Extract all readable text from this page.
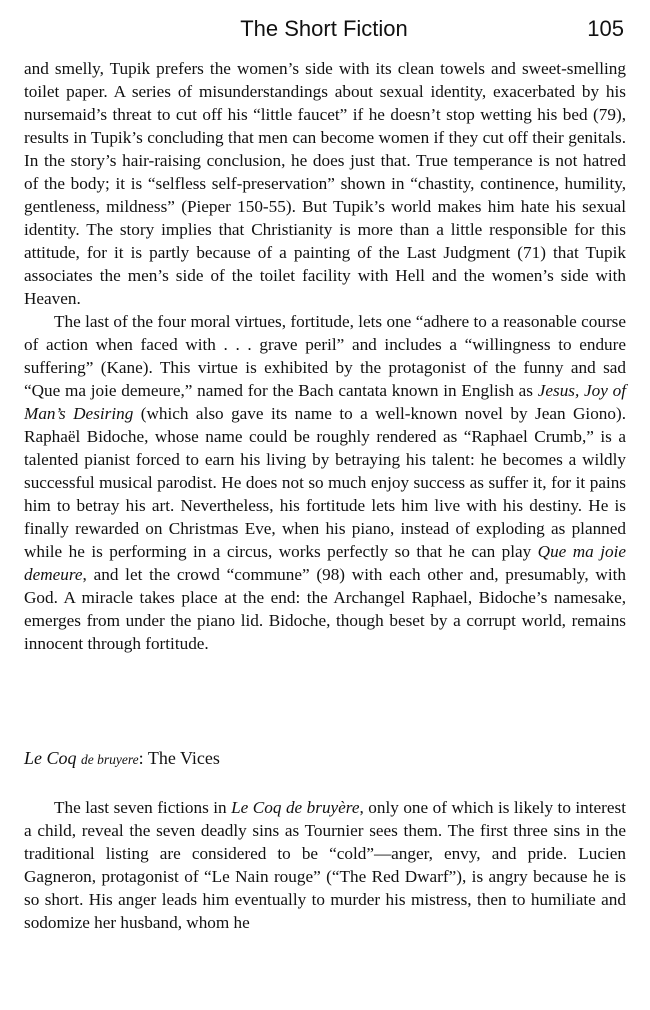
The Short Fiction	105

and smelly, Tupik prefers the women’s side with its clean towels and sweet-smelling toilet paper. A series of misunderstandings about sexual identity, exacerbated by his nursemaid’s threat to cut off his “little faucet” if he doesn’t stop wetting his bed (79), results in Tupik’s concluding that men can become women if they cut off their genitals. In the story’s hair-raising conclusion, he does just that. True temperance is not hatred of the body; it is “selfless self-preservation” shown in “chastity, continence, humility, gentleness, mildness” (Pieper 150-55). But Tupik’s world makes him hate his sexual identity. The story implies that Christianity is more than a little responsible for this attitude, for it is partly because of a painting of the Last Judgment (71) that Tupik associates the men’s side of the toilet facility with Hell and the women’s side with Heaven.

The last of the four moral virtues, fortitude, lets one “adhere to a reasonable course of action when faced with . . . grave peril” and includes a “willingness to endure suffering” (Kane). This virtue is exhibited by the protagonist of the funny and sad “Que ma joie demeure,” named for the Bach cantata known in English as Jesus, Joy of Man’s Desiring (which also gave its name to a well-known novel by Jean Giono). Raphaël Bidoche, whose name could be roughly rendered as “Raphael Crumb,” is a talented pianist forced to earn his living by betraying his talent: he becomes a wildly successful musical parodist. He does not so much enjoy success as suffer it, for it pains him to betray his art. Nevertheless, his fortitude lets him live with his destiny. He is finally rewarded on Christmas Eve, when his piano, instead of exploding as planned while he is performing in a circus, works perfectly so that he can play Que ma joie demeure, and let the crowd “commune” (98) with each other and, presumably, with God. A miracle takes place at the end: the Archangel Raphael, Bidoche’s namesake, emerges from under the piano lid. Bidoche, though beset by a corrupt world, remains innocent through fortitude.

Le Coq de bruyere: The Vices

The last seven fictions in Le Coq de bruyère, only one of which is likely to interest a child, reveal the seven deadly sins as Tournier sees them. The first three sins in the traditional listing are considered to be “cold”—anger, envy, and pride. Lucien Gagneron, protagonist of “Le Nain rouge” (“The Red Dwarf”), is angry because he is so short. His anger leads him eventually to murder his mistress, then to humiliate and sodomize her husband, whom he
